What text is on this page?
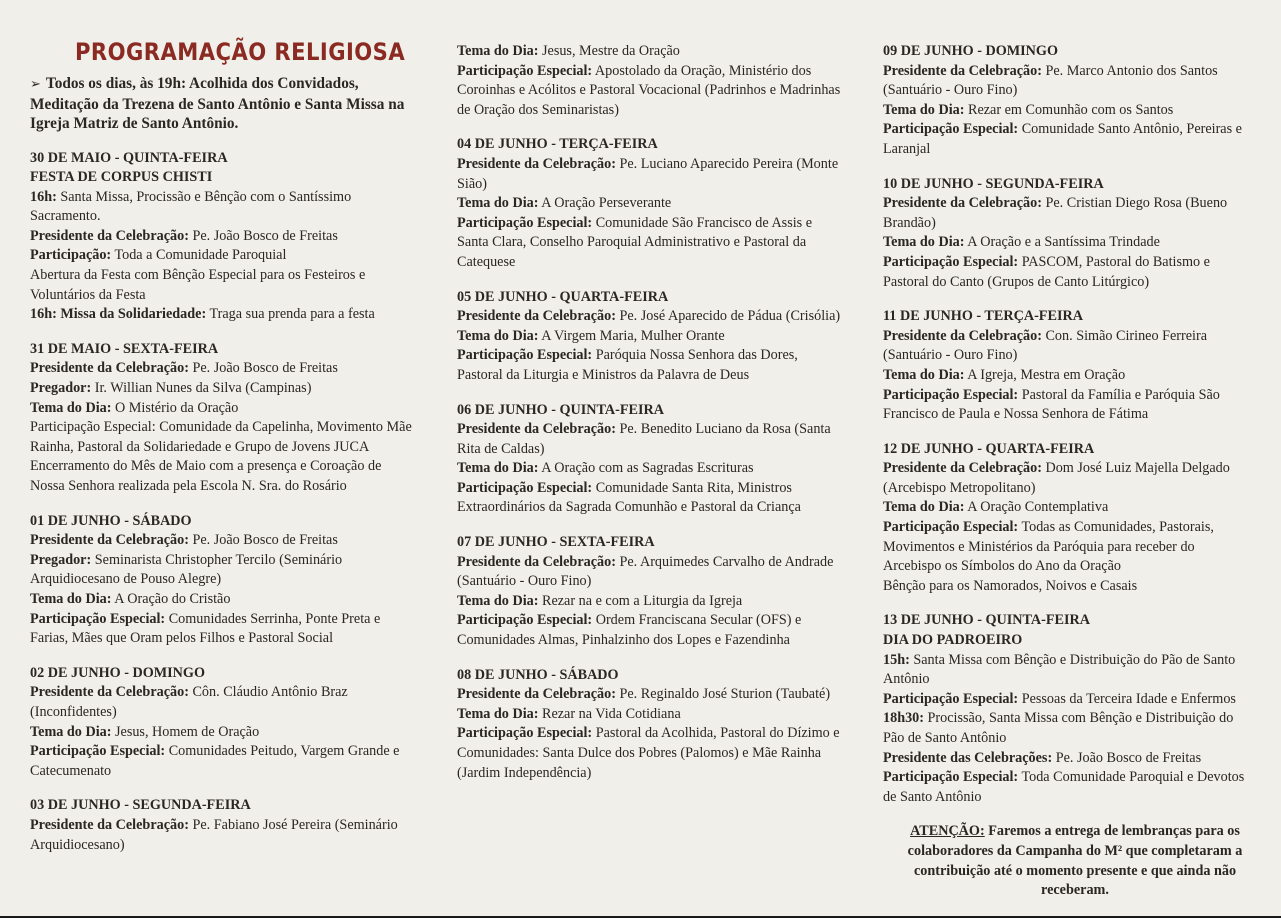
PROGRAMAÇÃO RELIGIOSA
➢ Todos os dias, às 19h: Acolhida dos Convidados, Meditação da Trezena de Santo Antônio e Santa Missa na Igreja Matriz de Santo Antônio.
30 DE MAIO - QUINTA-FEIRA
FESTA DE CORPUS CHISTI
16h: Santa Missa, Procissão e Bênção com o Santíssimo Sacramento.
Presidente da Celebração: Pe. João Bosco de Freitas
Participação: Toda a Comunidade Paroquial
Abertura da Festa com Bênção Especial para os Festeiros e Voluntários da Festa
16h: Missa da Solidariedade: Traga sua prenda para a festa
31 DE MAIO - SEXTA-FEIRA
Presidente da Celebração: Pe. João Bosco de Freitas
Pregador: Ir. Willian Nunes da Silva (Campinas)
Tema do Dia: O Mistério da Oração
Participação Especial: Comunidade da Capelinha, Movimento Mãe Rainha, Pastoral da Solidariedade e Grupo de Jovens JUCA
Encerramento do Mês de Maio com a presença e Coroação de Nossa Senhora realizada pela Escola N. Sra. do Rosário
01 DE JUNHO - SÁBADO
Presidente da Celebração: Pe. João Bosco de Freitas
Pregador: Seminarista Christopher Tercilo (Seminário Arquidiocesano de Pouso Alegre)
Tema do Dia: A Oração do Cristão
Participação Especial: Comunidades Serrinha, Ponte Preta e Farias, Mães que Oram pelos Filhos e Pastoral Social
02 DE JUNHO - DOMINGO
Presidente da Celebração: Côn. Cláudio Antônio Braz (Inconfidentes)
Tema do Dia: Jesus, Homem de Oração
Participação Especial: Comunidades Peitudo, Vargem Grande e Catecumenato
03 DE JUNHO - SEGUNDA-FEIRA
Presidente da Celebração: Pe. Fabiano José Pereira (Seminário Arquidiocesano)
Tema do Dia: Jesus, Mestre da Oração
Participação Especial: Apostolado da Oração, Ministério dos Coroinhas e Acólitos e Pastoral Vocacional (Padrinhos e Madrinhas de Oração dos Seminaristas)
04 DE JUNHO - TERÇA-FEIRA
Presidente da Celebração: Pe. Luciano Aparecido Pereira (Monte Sião)
Tema do Dia: A Oração Perseverante
Participação Especial: Comunidade São Francisco de Assis e Santa Clara, Conselho Paroquial Administrativo e Pastoral da Catequese
05 DE JUNHO - QUARTA-FEIRA
Presidente da Celebração: Pe. José Aparecido de Pádua (Crisólia)
Tema do Dia: A Virgem Maria, Mulher Orante
Participação Especial: Paróquia Nossa Senhora das Dores, Pastoral da Liturgia e Ministros da Palavra de Deus
06 DE JUNHO - QUINTA-FEIRA
Presidente da Celebração: Pe. Benedito Luciano da Rosa (Santa Rita de Caldas)
Tema do Dia: A Oração com as Sagradas Escrituras
Participação Especial: Comunidade Santa Rita, Ministros Extraordinários da Sagrada Comunhão e Pastoral da Criança
07 DE JUNHO - SEXTA-FEIRA
Presidente da Celebração: Pe. Arquimedes Carvalho de Andrade (Santuário - Ouro Fino)
Tema do Dia: Rezar na e com a Liturgia da Igreja
Participação Especial: Ordem Franciscana Secular (OFS) e Comunidades Almas, Pinhalzinho dos Lopes e Fazendinha
08 DE JUNHO - SÁBADO
Presidente da Celebração: Pe. Reginaldo José Sturion (Taubaté)
Tema do Dia: Rezar na Vida Cotidiana
Participação Especial: Pastoral da Acolhida, Pastoral do Dízimo e Comunidades: Santa Dulce dos Pobres (Palomos) e Mãe Rainha (Jardim Independência)
09 DE JUNHO - DOMINGO
Presidente da Celebração: Pe. Marco Antonio dos Santos (Santuário - Ouro Fino)
Tema do Dia: Rezar em Comunhão com os Santos
Participação Especial: Comunidade Santo Antônio, Pereiras e Laranjal
10 DE JUNHO - SEGUNDA-FEIRA
Presidente da Celebração: Pe. Cristian Diego Rosa (Bueno Brandão)
Tema do Dia: A Oração e a Santíssima Trindade
Participação Especial: PASCOM, Pastoral do Batismo e Pastoral do Canto (Grupos de Canto Litúrgico)
11 DE JUNHO - TERÇA-FEIRA
Presidente da Celebração: Con. Simão Cirineo Ferreira (Santuário - Ouro Fino)
Tema do Dia: A Igreja, Mestra em Oração
Participação Especial: Pastoral da Família e Paróquia São Francisco de Paula e Nossa Senhora de Fátima
12 DE JUNHO - QUARTA-FEIRA
Presidente da Celebração: Dom José Luiz Majella Delgado (Arcebispo Metropolitano)
Tema do Dia: A Oração Contemplativa
Participação Especial: Todas as Comunidades, Pastorais, Movimentos e Ministérios da Paróquia para receber do Arcebispo os Símbolos do Ano da Oração
Bênção para os Namorados, Noivos e Casais
13 DE JUNHO - QUINTA-FEIRA
DIA DO PADROEIRO
15h: Santa Missa com Bênção e Distribuição do Pão de Santo Antônio
Participação Especial: Pessoas da Terceira Idade e Enfermos
18h30: Procissão, Santa Missa com Bênção e Distribuição do Pão de Santo Antônio
Presidente das Celebrações: Pe. João Bosco de Freitas
Participação Especial: Toda Comunidade Paroquial e Devotos de Santo Antônio
ATENÇÃO: Faremos a entrega de lembranças para os colaboradores da Campanha do M² que completaram a contribuição até o momento presente e que ainda não receberam.
